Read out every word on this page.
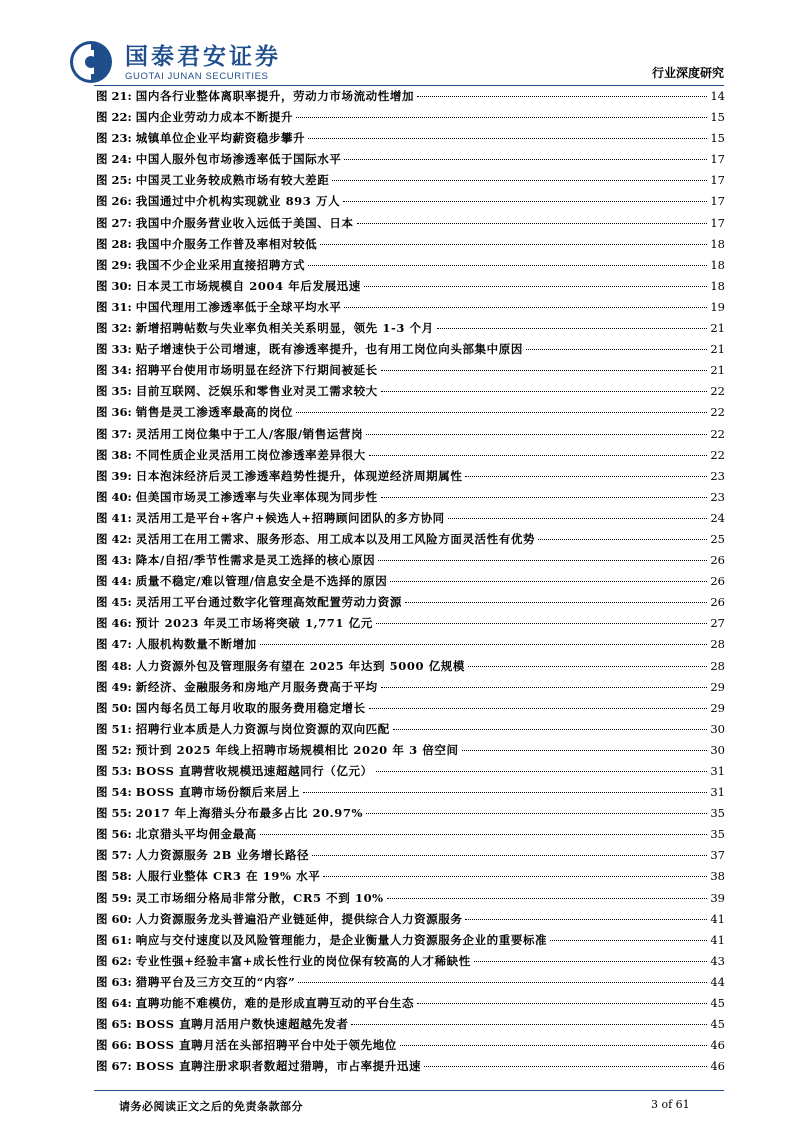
国泰君安证券
GUOTAI JUNAN SECURITIES	行业深度研究
图 21: 国内各行业整体离职率提升，劳动力市场流动性增加	14
图 22: 国内企业劳动力成本不断提升	15
图 23: 城镇单位企业平均薪资稳步攀升	15
图 24: 中国人服外包市场渗透率低于国际水平	17
图 25: 中国灵工业务较成熟市场有较大差距	17
图 26: 我国通过中介机构实现就业 893 万人	17
图 27: 我国中介服务营业收入远低于美国、日本	17
图 28: 我国中介服务工作普及率相对较低	18
图 29: 我国不少企业采用直接招聘方式	18
图 30: 日本灵工市场规模自 2004 年后发展迅速	18
图 31: 中国代理用工渗透率低于全球平均水平	19
图 32: 新增招聘帖数与失业率负相关关系明显，领先 1-3 个月	21
图 33: 贴子增速快于公司增速，既有渗透率提升，也有用工岗位向头部集中原因	21
图 34: 招聘平台使用市场明显在经济下行期间被延长	21
图 35: 目前互联网、泛娱乐和零售业对灵工需求较大	22
图 36: 销售是灵工渗透率最高的岗位	22
图 37: 灵活用工岗位集中于工人/客服/销售运营岗	22
图 38: 不同性质企业灵活用工岗位渗透率差异很大	22
图 39: 日本泡沫经济后灵工渗透率趋势性提升，体现逆经济周期属性	23
图 40: 但美国市场灵工渗透率与失业率体现为同步性	23
图 41: 灵活用工是平台+客户+候选人+招聘顾问团队的多方协同	24
图 42: 灵活用工在用工需求、服务形态、用工成本以及用工风险方面灵活性有优势	25
图 43: 降本/自招/季节性需求是灵工选择的核心原因	26
图 44: 质量不稳定/难以管理/信息安全是不选择的原因	26
图 45: 灵活用工平台通过数字化管理高效配置劳动力资源	26
图 46: 预计 2023 年灵工市场将突破 1,771 亿元	27
图 47: 人服机构数量不断增加	28
图 48: 人力资源外包及管理服务有望在 2025 年达到 5000 亿规模	28
图 49: 新经济、金融服务和房地产月服务费高于平均	29
图 50: 国内每名员工每月收取的服务费用稳定增长	29
图 51: 招聘行业本质是人力资源与岗位资源的双向匹配	30
图 52: 预计到 2025 年线上招聘市场规模相比 2020 年 3 倍空间	30
图 53: BOSS 直聘营收规模迅速超越同行（亿元）	31
图 54: BOSS 直聘市场份额后来居上	31
图 55: 2017 年上海猎头分布最多占比 20.97%	35
图 56: 北京猎头平均佣金最高	35
图 57: 人力资源服务 2B 业务增长路径	37
图 58: 人服行业整体 CR3 在 19% 水平	38
图 59: 灵工市场细分格局非常分散，CR5 不到 10%	39
图 60: 人力资源服务龙头普遍沿产业链延伸，提供综合人力资源服务	41
图 61: 响应与交付速度以及风险管理能力，是企业衡量人力资源服务企业的重要标准	41
图 62: 专业性强+经验丰富+成长性行业的岗位保有较高的人才稀缺性	43
图 63: 猎聘平台及三方交互的“内容”	44
图 64: 直聘功能不难模仿，难的是形成直聘互动的平台生态	45
图 65: BOSS 直聘月活用户数快速超越先发者	45
图 66: BOSS 直聘月活在头部招聘平台中处于领先地位	46
图 67: BOSS 直聘注册求职者数超过猎聘，市占率提升迅速	46
请务必阅读正文之后的免责条款部分	3 of 61
